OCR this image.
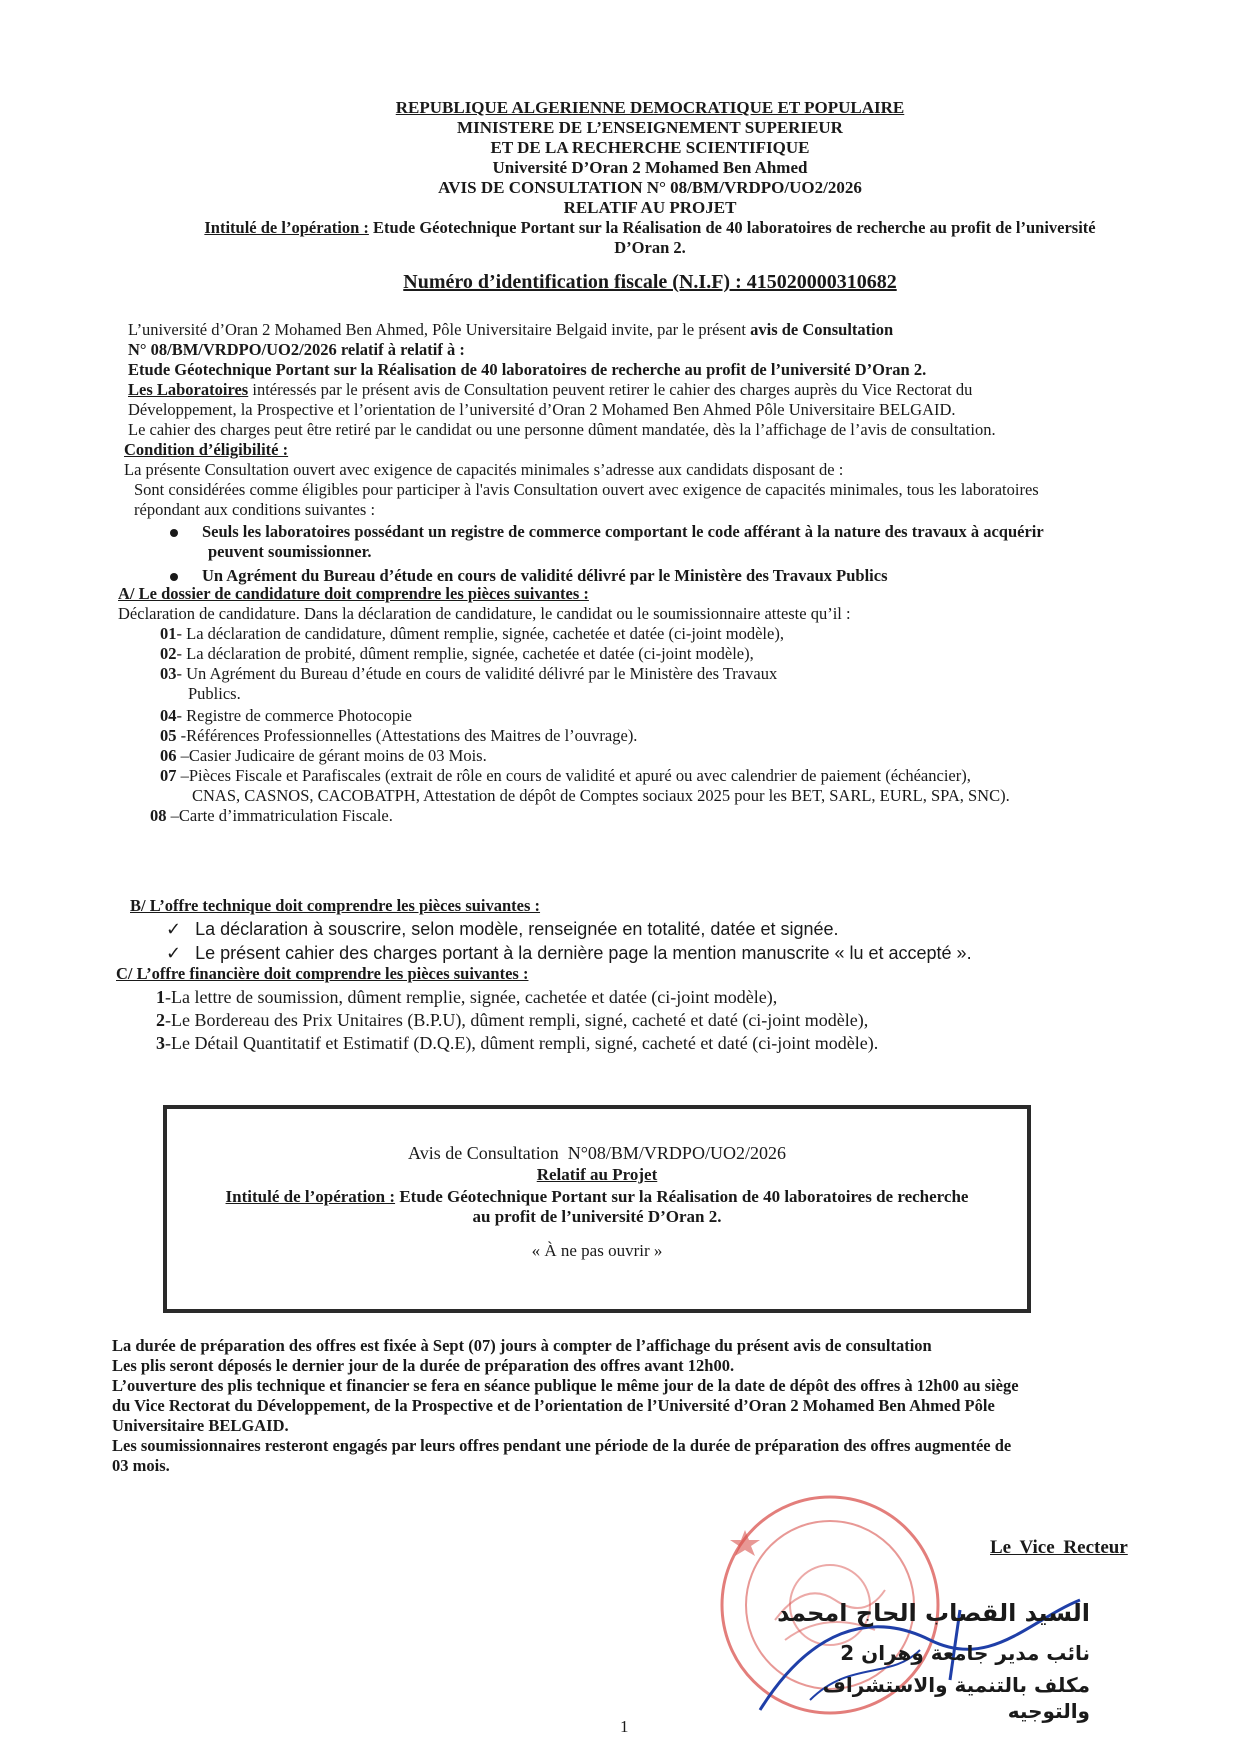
REPUBLIQUE ALGERIENNE DEMOCRATIQUE ET POPULAIRE
MINISTERE DE L’ENSEIGNEMENT SUPERIEUR
ET DE LA RECHERCHE SCIENTIFIQUE
Université D’Oran 2 Mohamed Ben Ahmed
AVIS DE CONSULTATION N° 08/BM/VRDPO/UO2/2026
RELATIF AU PROJET
Intitulé de l’opération : Etude Géotechnique Portant sur la Réalisation de 40 laboratoires de recherche au profit de l’université
D’Oran 2.
Numéro d’identification fiscale (N.I.F) : 415020000310682
L’université d’Oran 2 Mohamed Ben Ahmed, Pôle Universitaire Belgaid invite, par le présent avis de Consultation
N° 08/BM/VRDPO/UO2/2026 relatif à relatif à :
Etude Géotechnique Portant sur la Réalisation de 40 laboratoires de recherche au profit de l’université D’Oran 2.
Les Laboratoires intéressés par le présent avis de Consultation peuvent retirer le cahier des charges auprès du Vice Rectorat du
Développement, la Prospective et l’orientation de l’université d’Oran 2 Mohamed Ben Ahmed Pôle Universitaire BELGAID.
Le cahier des charges peut être retiré par le candidat ou une personne dûment mandatée, dès la l’affichage de l’avis de consultation.
Condition d’éligibilité :
La présente Consultation ouvert avec exigence de capacités minimales s’adresse aux candidats disposant de :
Sont considérées comme éligibles pour participer à l'avis Consultation ouvert avec exigence de capacités minimales, tous les laboratoires
répondant aux conditions suivantes :
Seuls les laboratoires possédant un registre de commerce comportant le code afférant à la nature des travaux à acquérir
peuvent soumissionner.
Un Agrément du Bureau d’étude en cours de validité délivré par le Ministère des Travaux Publics
A/ Le dossier de candidature doit comprendre les pièces suivantes :
Déclaration de candidature. Dans la déclaration de candidature, le candidat ou le soumissionnaire atteste qu’il :
01- La déclaration de candidature, dûment remplie, signée, cachetée et datée (ci-joint modèle),
02- La déclaration de probité, dûment remplie, signée, cachetée et datée (ci-joint modèle),
03- Un Agrément du Bureau d’étude en cours de validité délivré par le Ministère des Travaux
Publics.
04- Registre de commerce Photocopie
05 -Références Professionnelles (Attestations des Maitres de l’ouvrage).
06 –Casier Judicaire de gérant moins de 03 Mois.
07 –Pièces Fiscale et Parafiscales (extrait de rôle en cours de validité et apuré ou avec calendrier de paiement (échéancier),
CNAS, CASNOS, CACOBATPH, Attestation de dépôt de Comptes sociaux 2025 pour les BET, SARL, EURL, SPA, SNC).
08 –Carte d’immatriculation Fiscale.
B/ L’offre technique doit comprendre les pièces suivantes :
✓ La déclaration à souscrire, selon modèle, renseignée en totalité, datée et signée.
✓ Le présent cahier des charges portant à la dernière page la mention manuscrite « lu et accepté ».
C/ L’offre financière doit comprendre les pièces suivantes :
1-La lettre de soumission, dûment remplie, signée, cachetée et datée (ci-joint modèle),
2-Le Bordereau des Prix Unitaires (B.P.U), dûment rempli, signé, cacheté et daté (ci-joint modèle),
3-Le Détail Quantitatif et Estimatif (D.Q.E), dûment rempli, signé, cacheté et daté (ci-joint modèle).
Avis de Consultation N°08/BM/VRDPO/UO2/2026
Relatif au Projet
Intitulé de l’opération : Etude Géotechnique Portant sur la Réalisation de 40 laboratoires de recherche
au profit de l’université D’Oran 2.
« À ne pas ouvrir »
La durée de préparation des offres est fixée à Sept (07) jours à compter de l’affichage du présent avis de consultation
Les plis seront déposés le dernier jour de la durée de préparation des offres avant 12h00.
L’ouverture des plis technique et financier se fera en séance publique le même jour de la date de dépôt des offres à 12h00 au siège
du Vice Rectorat du Développement, de la Prospective et de l’orientation de l’Université d’Oran 2 Mohamed Ben Ahmed Pôle
Universitaire BELGAID.
Les soumissionnaires resteront engagés par leurs offres pendant une période de la durée de préparation des offres augmentée de
03 mois.
Le Vice Recteur
السيد القصاب الحاج امحمد
نائب مدير جامعة وهران 2
مكلف بالتنمية والاستشراف والتوجيه
1
